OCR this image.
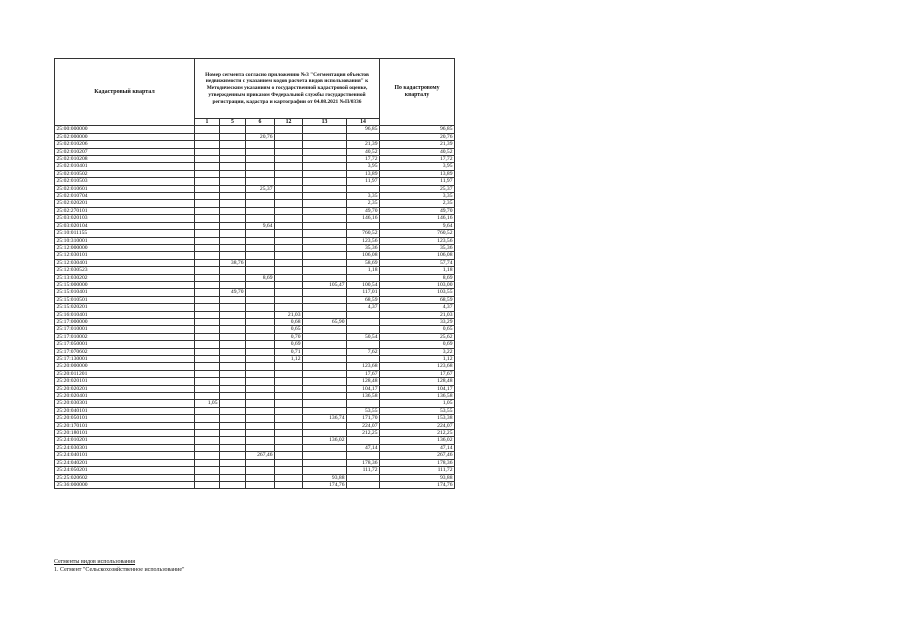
Кадастровый квартал	Номер сегмента согласно приложению №3 "Сегментация объектов недвижимости с указанием кодов расчета видов использования" к Методическим указаниям о государственной кадастровой оценке, утвержденным приказом Федеральной службы государственной регистрации, кадастра и картографии от 04.08.2021 №П/0336						По кадастровому кварталу
	1	5	6	12	13	14	
25:00:000000						96,85	96,85
25:02:000000			20,76				20,76
25:02:010206						21,39	21,39
25:02:010207						40,52	40,52
25:02:010208						17,72	17,72
25:02:010401						3,95	3,95
25:02:010502						13,89	13,89
25:02:010503						11,97	11,97
25:02:010601			25,37				25,37
25:02:010704						3,35	3,35
25:02:020201						2,35	2,35
25:02:270101						49,70	49,70
25:03:020103						146,16	146,16
25:03:020104			9,64				9,64
25:10:011155						760,52	760,52
25:10:310001						123,56	123,56
25:12:000000						35,36	35,36
25:12:030101						106,08	106,08
25:12:030401		38,76				58,69	57,74
25:12:030523						1,18	1,18
25:13:030202			8,69				8,69
25:15:000000					105,47	100,54	103,00
25:15:010401		49,70				117,01	103,55
25:15:010501						68,59	68,59
25:15:020201						4,37	4,37
25:16:010401				21,03			21,03
25:17:000000				0,68	65,90		33,29
25:17:010001				0,65			0,65
25:17:010002				0,70		50,54	25,62
25:17:050001				0,69			0,69
25:17:070602				0,71		7,62	3,22
25:17:130001				1,12			1,12
25:20:000000						123,68	123,68
25:20:011201						17,67	17,67
25:20:020101						128,48	128,48
25:20:020201						104,17	104,17
25:20:020401						136,58	136,58
25:20:030301	1,05						1,05
25:20:040101						53,55	53,55
25:20:050101					136,74	171,70	153,38
25:20:170101						224,07	224,07
25:20:180101						212,25	212,25
25:24:010201					136,02		136,02
25:24:030301						47,14	47,14
25:24:040101			267,46				267,46
25:24:040201						178,36	178,36
25:24:050201						111,72	111,72
25:25:020602					93,88		93,88
25:36:000000					174,76		174,76
Сегменты видов использования
1. Сегмент "Сельскохозяйственное использование"
